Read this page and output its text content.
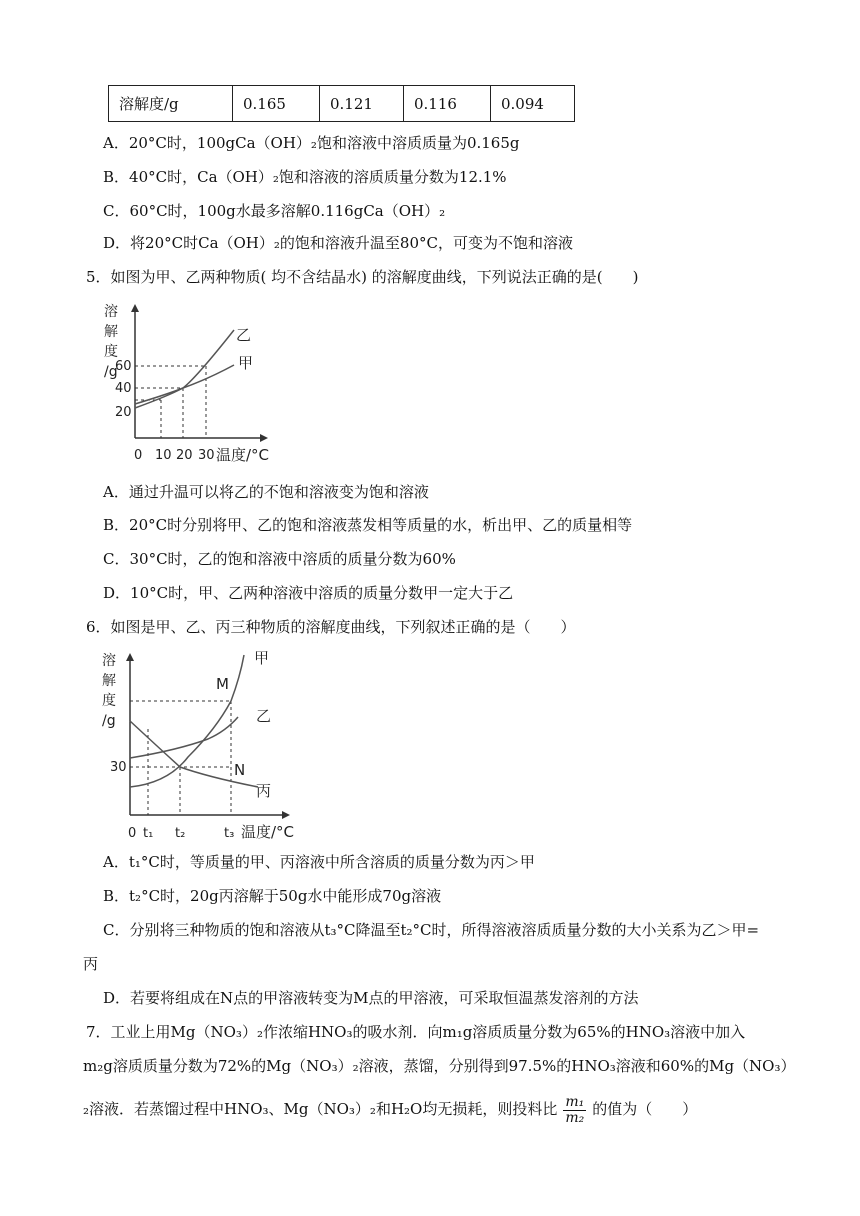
溶解度/g	0.165	0.121	0.116	0.094
A．20°C时，100gCa（OH）₂饱和溶液中溶质质量为0.165g
B．40°C时，Ca（OH）₂饱和溶液的溶质质量分数为12.1%
C．60°C时，100g水最多溶解0.116gCa（OH）₂
D．将20°C时Ca（OH）₂的饱和溶液升温至80°C，可变为不饱和溶液
5．如图为甲、乙两种物质( 均不含结晶水) 的溶解度曲线，下列说法正确的是(　　)
溶
解
度
/g
60
40
20
0 10 20 30 温度/°C
乙
甲
A．通过升温可以将乙的不饱和溶液变为饱和溶液
B．20°C时分别将甲、乙的饱和溶液蒸发相等质量的水，析出甲、乙的质量相等
C．30°C时，乙的饱和溶液中溶质的质量分数为60%
D．10°C时，甲、乙两种溶液中溶质的质量分数甲一定大于乙
6．如图是甲、乙、丙三种物质的溶解度曲线，下列叙述正确的是（　　）
溶
解
度
/g
30
0 t₁ t₂	t₃ 温度/°C
甲
乙
丙
M
N
A．t₁°C时，等质量的甲、丙溶液中所含溶质的质量分数为丙＞甲
B．t₂°C时，20g丙溶解于50g水中能形成70g溶液
C．分别将三种物质的饱和溶液从t₃°C降温至t₂°C时，所得溶液溶质质量分数的大小关系为乙＞甲=
丙
D．若要将组成在N点的甲溶液转变为M点的甲溶液，可采取恒温蒸发溶剂的方法
7．工业上用Mg（NO₃）₂作浓缩HNO₃的吸水剂．向m₁g溶质质量分数为65%的HNO₃溶液中加入
m₂g溶质质量分数为72%的Mg（NO₃）₂溶液，蒸馏，分别得到97.5%的HNO₃溶液和60%的Mg（NO₃）
₂溶液．若蒸馏过程中HNO₃、Mg（NO₃）₂和H₂O均无损耗，则投料比 $\frac{\text{m₁}}{\text{m₂}}$ 的值为（　　）
